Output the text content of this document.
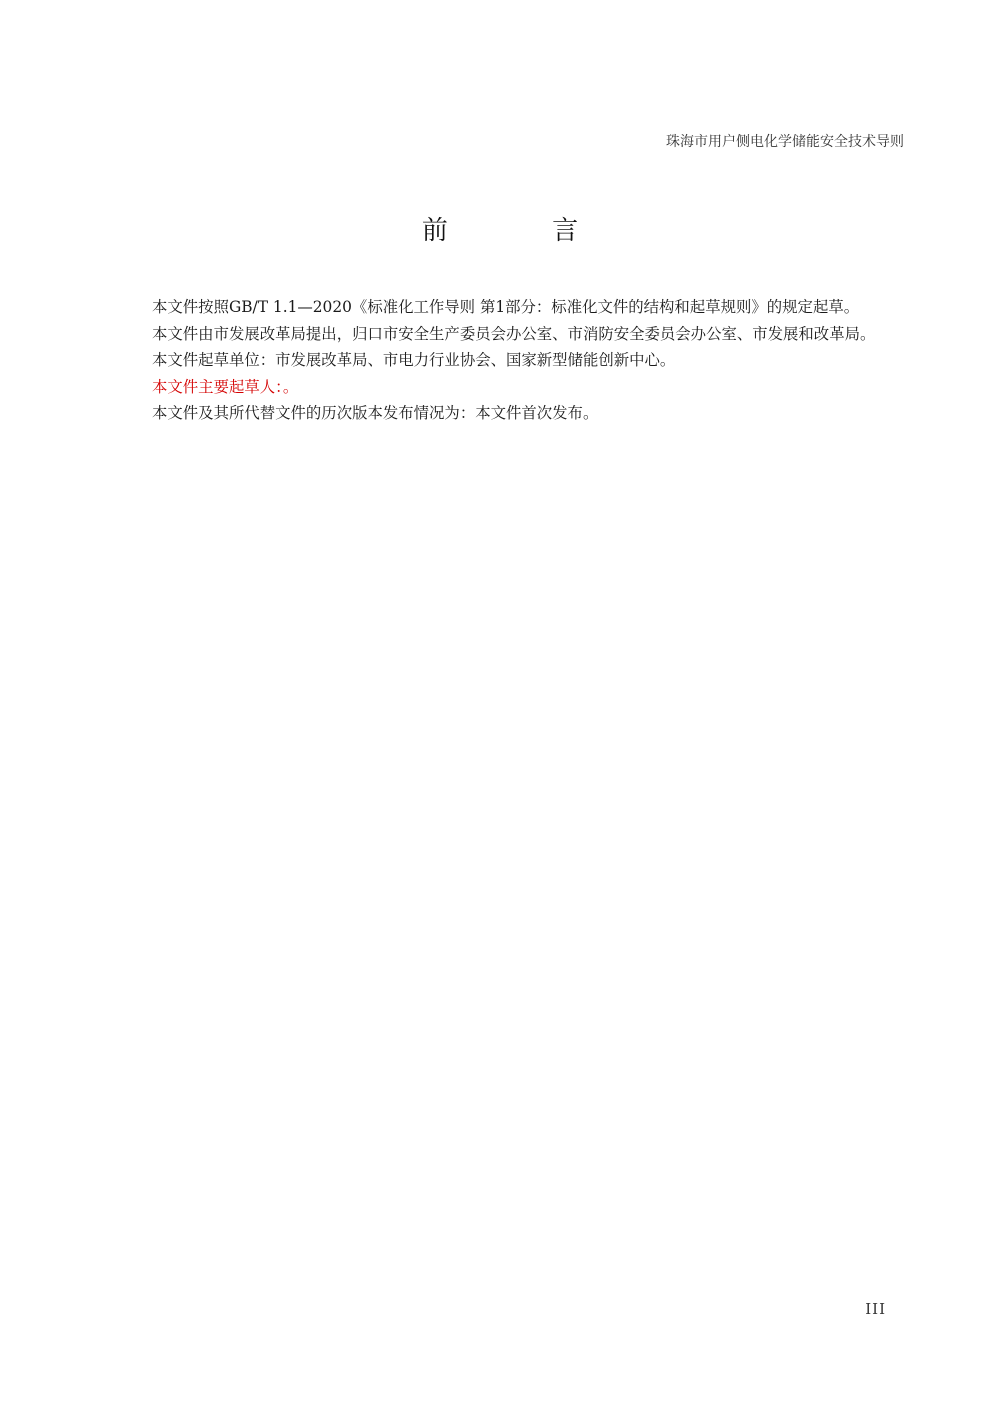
珠海市用户侧电化学储能安全技术导则
前 言

本文件按照GB/T 1.1—2020《标准化工作导则 第1部分：标准化文件的结构和起草规则》的规定起草。

本文件由市发展改革局提出，归口市安全生产委员会办公室、市消防安全委员会办公室、市发展和改革局。

本文件起草单位：市发展改革局、市电力行业协会、国家新型储能创新中心。

本文件主要起草人：。

本文件及其所代替文件的历次版本发布情况为：本文件首次发布。

III
